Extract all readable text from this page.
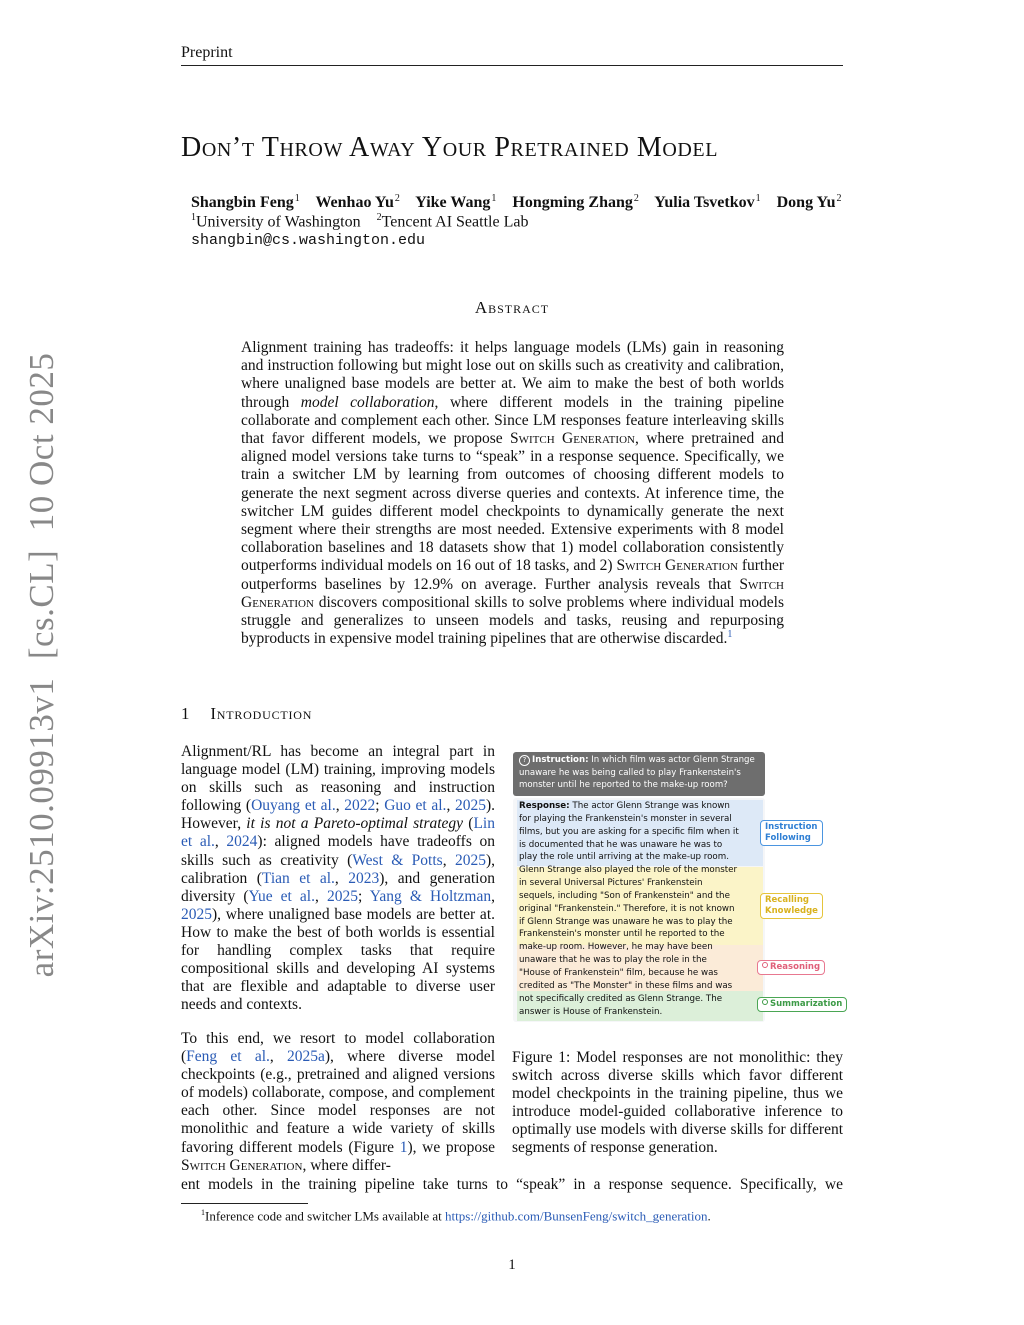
Preprint
arXiv:2510.09913v1  [cs.CL]  10 Oct 2025
Don’t Throw Away Your Pretrained Model
Shangbin Feng$^1$ Wenhao Yu$^2$ Yike Wang$^1$ Hongming Zhang$^2$ Yulia Tsvetkov$^1$ Dong Yu$^2$
$^1$University of Washington $^2$Tencent AI Seattle Lab
shangbin@cs.washington.edu
Abstract
Alignment training has tradeoffs: it helps language models (LMs) gain in reasoning and instruction following but might lose out on skills such as creativity and calibration, where unaligned base models are better at. We aim to make the best of both worlds through model collaboration, where different models in the training pipeline collaborate and complement each other. Since LM responses feature interleaving skills that favor different models, we propose Switch Generation, where pretrained and aligned model versions take turns to “speak” in a response sequence. Specifically, we train a switcher LM by learning from outcomes of choosing different models to generate the next segment across diverse queries and contexts. At inference time, the switcher LM guides different model checkpoints to dynamically generate the next segment where their strengths are most needed. Extensive experiments with 8 model collaboration baselines and 18 datasets show that 1) model collaboration consistently outperforms individual models on 16 out of 18 tasks, and 2) Switch Generation further outperforms baselines by 12.9% on average. Further analysis reveals that Switch Generation discovers compositional skills to solve problems where individual models struggle and generalizes to unseen models and tasks, reusing and repurposing byproducts in expensive model training pipelines that are otherwise discarded.$^1$
1 Introduction
Alignment/RL has become an integral part in language model (LM) training, improving models on skills such as reasoning and instruction following (Ouyang et al., 2022; Guo et al., 2025). However, it is not a Pareto-optimal strategy (Lin et al., 2024): aligned models have tradeoffs on skills such as creativity (West & Potts, 2025), calibration (Tian et al., 2023), and generation diversity (Yue et al., 2025; Yang & Holtzman, 2025), where unaligned base models are better at. How to make the best of both worlds is essential for handling complex tasks that require compositional skills and developing AI systems that are flexible and adaptable to diverse user needs and contexts.
To this end, we resort to model collaboration (Feng et al., 2025a), where diverse model checkpoints (e.g., pretrained and aligned versions of models) collaborate, compose, and complement each other. Since model responses are not monolithic and feature a wide variety of skills favoring different models (Figure 1), we propose Switch Generation, where differ-
ent models in the training pipeline take turns to “speak” in a response sequence. Specifically, we
? Instruction: In which film was actor Glenn Strange unaware he was being called to play Frankenstein's monster until he reported to the make-up room?
Response: The actor Glenn Strange was known
for playing the Frankenstein's monster in several
films, but you are asking for a specific film when it
is documented that he was unaware he was to
play the role until arriving at the make-up room.
Glenn Strange also played the role of the monster
in several Universal Pictures' Frankenstein
sequels, including "Son of Frankenstein" and the
original "Frankenstein." Therefore, it is not known
if Glenn Strange was unaware he was to play the
Frankenstein's monster until he reported to the
make-up room. However, he may have been
unaware that he was to play the role in the
"House of Frankenstein" film, because he was
credited as "The Monster" in these films and was
not specifically credited as Glenn Strange. The
answer is House of Frankenstein.
Instruction
Following
Recalling
Knowledge
Reasoning
Summarization
Figure 1: Model responses are not monolithic: they switch across diverse skills which favor different model checkpoints in the training pipeline, thus we introduce model-guided collaborative inference to optimally use models with diverse skills for different segments of response generation.
$^1$Inference code and switcher LMs available at https://github.com/BunsenFeng/switch_generation.
1
